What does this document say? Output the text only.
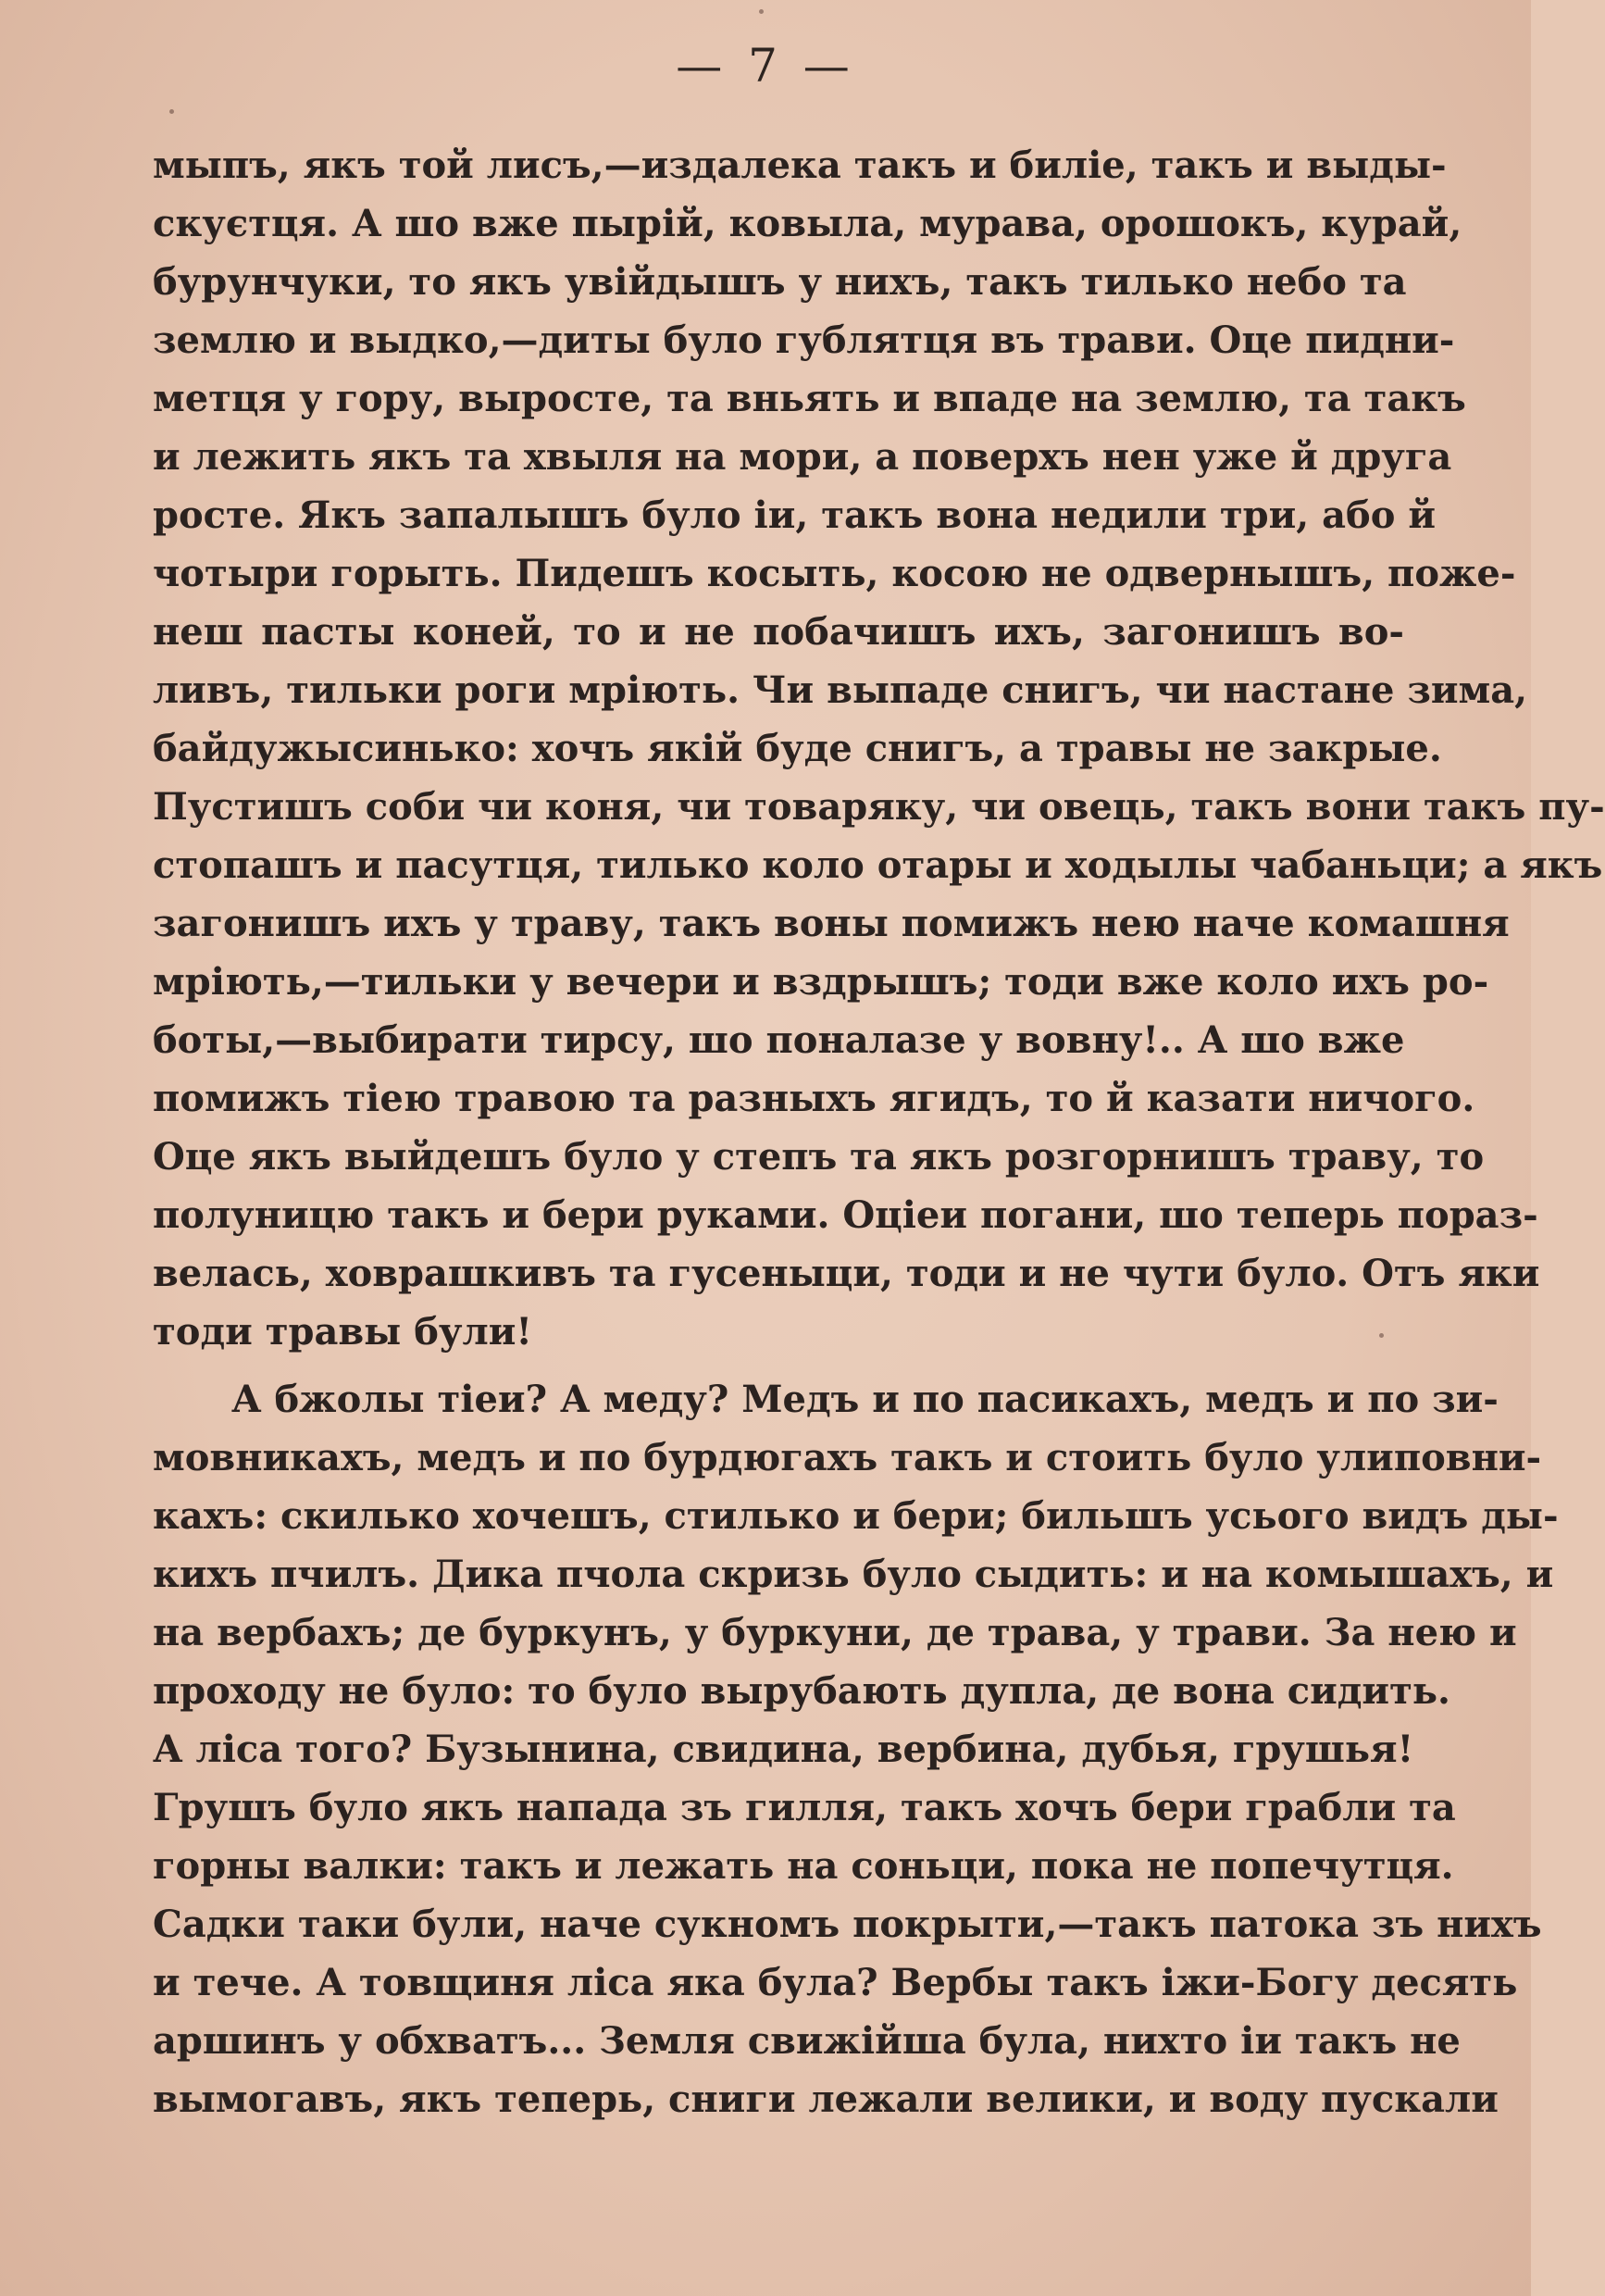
— 7 —
мыпъ, якъ той лисъ,—издалека такъ и билiе, такъ и выды-
скуєтця. А шо вже пырiй, ковыла, мурава, орошокъ, курай,
бурунчуки, то якъ увiйдышъ у нихъ, такъ тилько небо та
землю и выдко,—диты було гублятця въ трави. Оце пидни-
метця у гору, выросте, та вньять и впаде на землю, та такъ
и лежить якъ та хвыля на мори, а поверхъ нен уже й друга
росте. Якъ запалышъ було iи, такъ вона недили три, або й
чотыри горыть. Пидешъ косыть, косою не одвернышъ, пожe-
неш пасты коней, то и не побачишъ ихъ, загонишъ во-
ливъ, тильки роги мрiють. Чи выпаде снигъ, чи настане зима,
байдужысинько: хочъ якiй буде снигъ, а травы не закрые.
Пустишъ соби чи коня, чи товаряку, чи овець, такъ вони такъ пу-
стопашъ и пасутця, тилько коло отары и ходылы чабаньци; а якъ
загонишъ ихъ у траву, такъ воны помижъ нею наче комашня
мрiють,—тильки у вечери и вздрышъ; тоди вже коло ихъ ро-
боты,—выбирати тирсу, шо поналазе у вовну!.. А шо вже
помижъ тiею травою та разныхъ ягидъ, то й казати ничого.
Оце якъ выйдешъ було у степъ та якъ розгорнишъ траву, то
полуницю такъ и бери руками. Оцiеи погани, шо теперь пораз-
велась, ховрашкивъ та гусеныци, тоди и не чути було. Отъ яки
тоди травы були!
А бжолы тiеи? А меду? Медъ и по пасикахъ, медъ и по зи-
мовникахъ, медъ и по бурдюгахъ такъ и стоить було улиповни-
кахъ: скилько хочешъ, стилько и бери; бильшъ усього видъ ды-
кихъ пчилъ. Дика пчола скризь було сыдить: и на комышахъ, и
на вербахъ; де буркунъ, у буркуни, де трава, у трави. За нею и
проходу не було: то було вырубають дупла, де вона сидить.
А лiса того? Бузынина, свидина, вербина, дубья, грушья!
Грушъ було якъ напада зъ гилля, такъ хочъ бери грабли та
горны валки: такъ и лежать на соньци, пока не попечутця.
Садки таки були, наче сукномъ покрыти,—такъ патока зъ нихъ
и тече. А товщиня лiса яка була? Вербы такъ iжи-Богу десять
аршинъ у обхватъ... Земля свижiйша була, нихто iи такъ не
вымогавъ, якъ теперь, сниги лежали велики, и воду пускали
